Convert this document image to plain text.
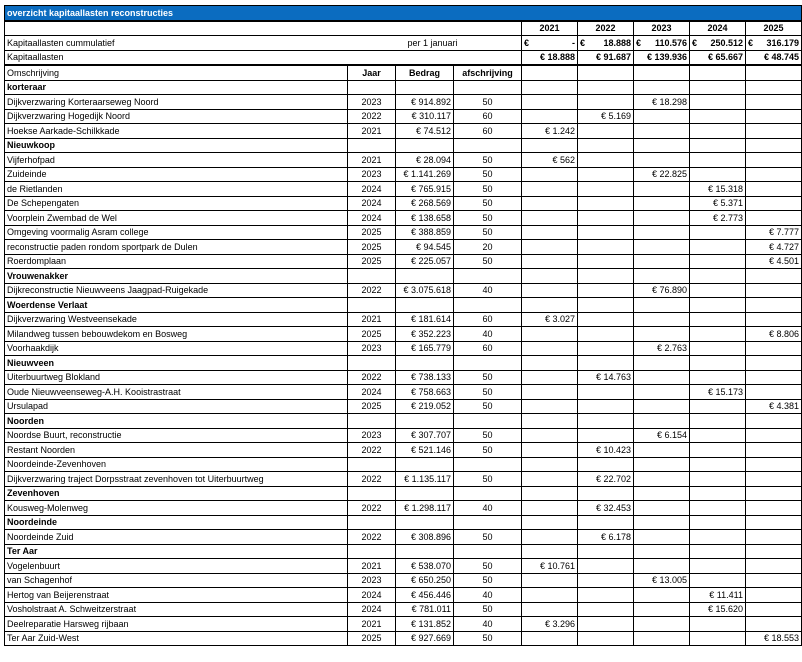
overzicht kapitaallasten reconstructies								
				2021	2022	2023	2024	2025
Kapitaallasten cummulatief	per 1 januari			€ -	€ 18.888	€ 110.576	€ 250.512	€ 316.179

Kapitaallasten				€ 18.888	€ 91.687	€ 139.936	€ 65.667	€ 48.745
Omschrijving	Jaar	Bedrag	afschrijving					
korteraar								
Dijkverzwaring Korteraarseweg Noord	2023	€ 914.892	50			€ 18.298		
Dijkverzwaring Hogedijk Noord	2022	€ 310.117	60		€ 5.169			
Hoekse Aarkade-Schilkkade	2021	€ 74.512	60	€ 1.242				
Nieuwkoop								
Vijferhofpad	2021	€ 28.094	50	€ 562				
Zuideinde	2023	€ 1.141.269	50			€ 22.825		
de Rietlanden	2024	€ 765.915	50				€ 15.318	
De Schepengaten	2024	€ 268.569	50				€ 5.371	
Voorplein Zwembad de Wel	2024	€ 138.658	50				€ 2.773	
Omgeving voormalig Asram college	2025	€ 388.859	50					€ 7.777
reconstructie paden rondom sportpark de Dulen	2025	€ 94.545	20					€ 4.727
Roerdomplaan	2025	€ 225.057	50					€ 4.501
Vrouwenakker								
Dijkreconstructie Nieuwveens Jaagpad-Ruigekade	2022	€ 3.075.618	40			€ 76.890		
Woerdense Verlaat								
Dijkverzwaring Westveensekade	2021	€ 181.614	60	€ 3.027				
Milandweg tussen bebouwdekom en Bosweg	2025	€ 352.223	40					€ 8.806
Voorhaakdijk	2023	€ 165.779	60			€ 2.763		
Nieuwveen								
Uiterbuurtweg Blokland	2022	€ 738.133	50		€ 14.763			
Oude Nieuwveenseweg-A.H. Kooistrastraat	2024	€ 758.663	50				€ 15.173	
Ursulapad	2025	€ 219.052	50					€ 4.381
Noorden								
Noordse Buurt, reconstructie	2023	€ 307.707	50			€ 6.154		
Restant Noorden	2022	€ 521.146	50		€ 10.423			
Noordeinde-Zevenhoven								
Dijkverzwaring traject Dorpsstraat zevenhoven tot Uiterbuurtweg	2022	€ 1.135.117	50		€ 22.702			
Zevenhoven								
Kousweg-Molenweg	2022	€ 1.298.117	40		€ 32.453			
Noordeinde								
Noordeinde Zuid	2022	€ 308.896	50		€ 6.178			
Ter Aar								
Vogelenbuurt	2021	€ 538.070	50	€ 10.761				
van Schagenhof	2023	€ 650.250	50			€ 13.005		
Hertog van Beijerenstraat	2024	€ 456.446	40				€ 11.411	
Vosholstraat A. Schweitzerstraat	2024	€ 781.011	50				€ 15.620	
Deelreparatie Harsweg rijbaan	2021	€ 131.852	40	€ 3.296				
Ter Aar Zuid-West	2025	€ 927.669	50					€ 18.553
